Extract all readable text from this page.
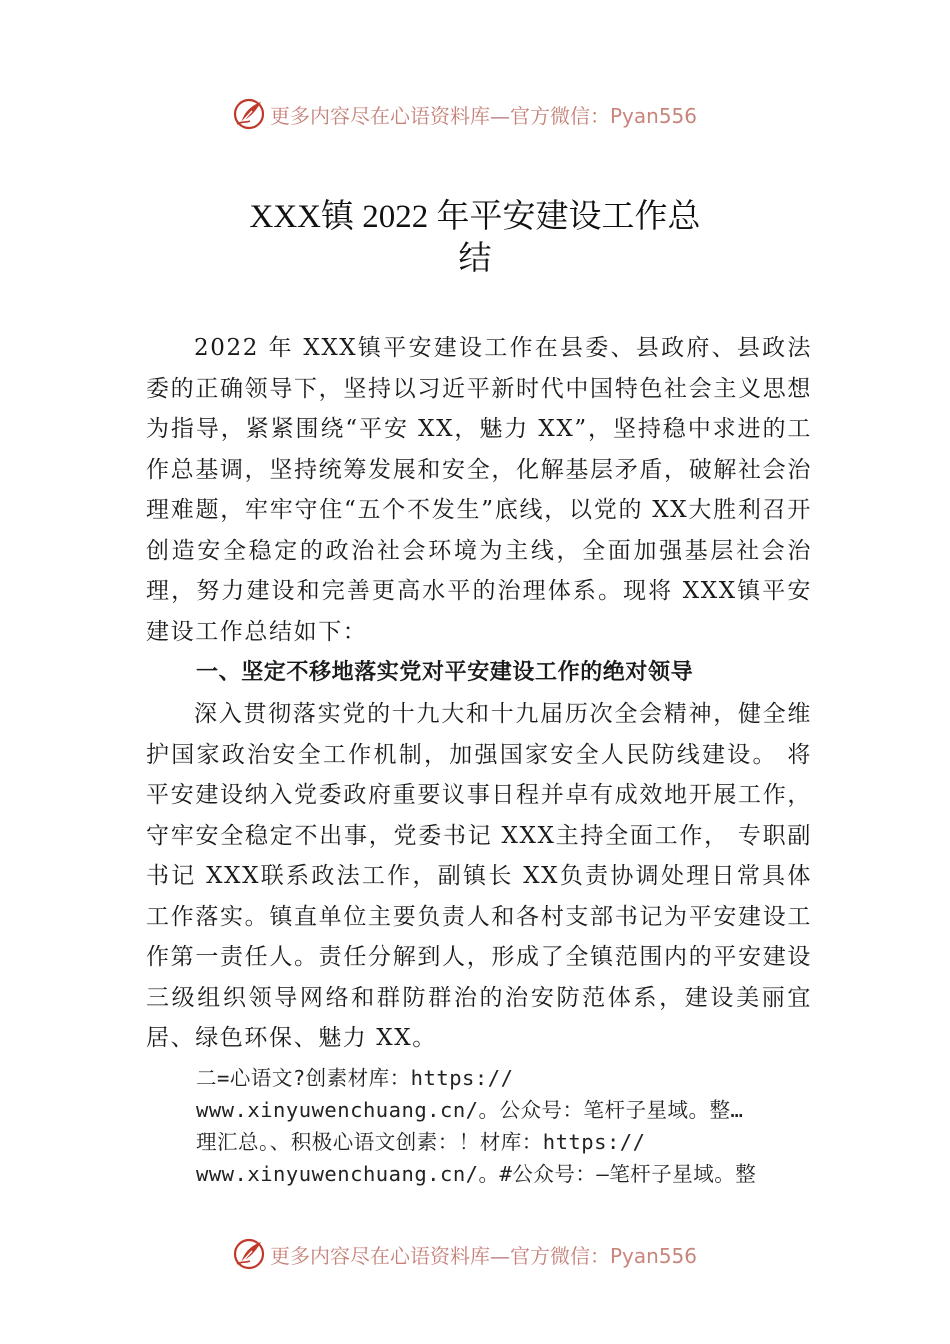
更多内容尽在心语资料库—官方微信：Pyan556
XXX镇 2022 年平安建设工作总
结

2022 年 XXX镇平安建设工作在县委、县政府、县政法委的正确领导下，坚持以习近平新时代中国特色社会主义思想为指导，紧紧围绕“平安 XX，魅力 XX”，坚持稳中求进的工作总基调，坚持统筹发展和安全，化解基层矛盾，破解社会治理难题，牢牢守住“五个不发生”底线，以党的 XX大胜利召开创造安全稳定的政治社会环境为主线，全面加强基层社会治理，努力建设和完善更高水平的治理体系。现将 XXX镇平安建设工作总结如下：

一、坚定不移地落实党对平安建设工作的绝对领导

深入贯彻落实党的十九大和十九届历次全会精神，健全维护国家政治安全工作机制，加强国家安全人民防线建设。 将平安建设纳入党委政府重要议事日程并卓有成效地开展工作，守牢安全稳定不出事，党委书记 XXX主持全面工作， 专职副书记 XXX联系政法工作，副镇长 XX负责协调处理日常具体工作落实。镇直单位主要负责人和各村支部书记为平安建设工作第一责任人。责任分解到人，形成了全镇范围内的平安建设三级组织领导网络和群防群治的治安防范体系，建设美丽宜居、绿色环保、魅力 XX。

二=心语文?创素材库：https://
www.xinyuwenchuang.cn/。公众号：笔杆子星域。整…
理汇总。、积极心语文创素：！材库：https://
www.xinyuwenchuang.cn/。#公众号：—笔杆子星域。整
更多内容尽在心语资料库—官方微信：Pyan556
